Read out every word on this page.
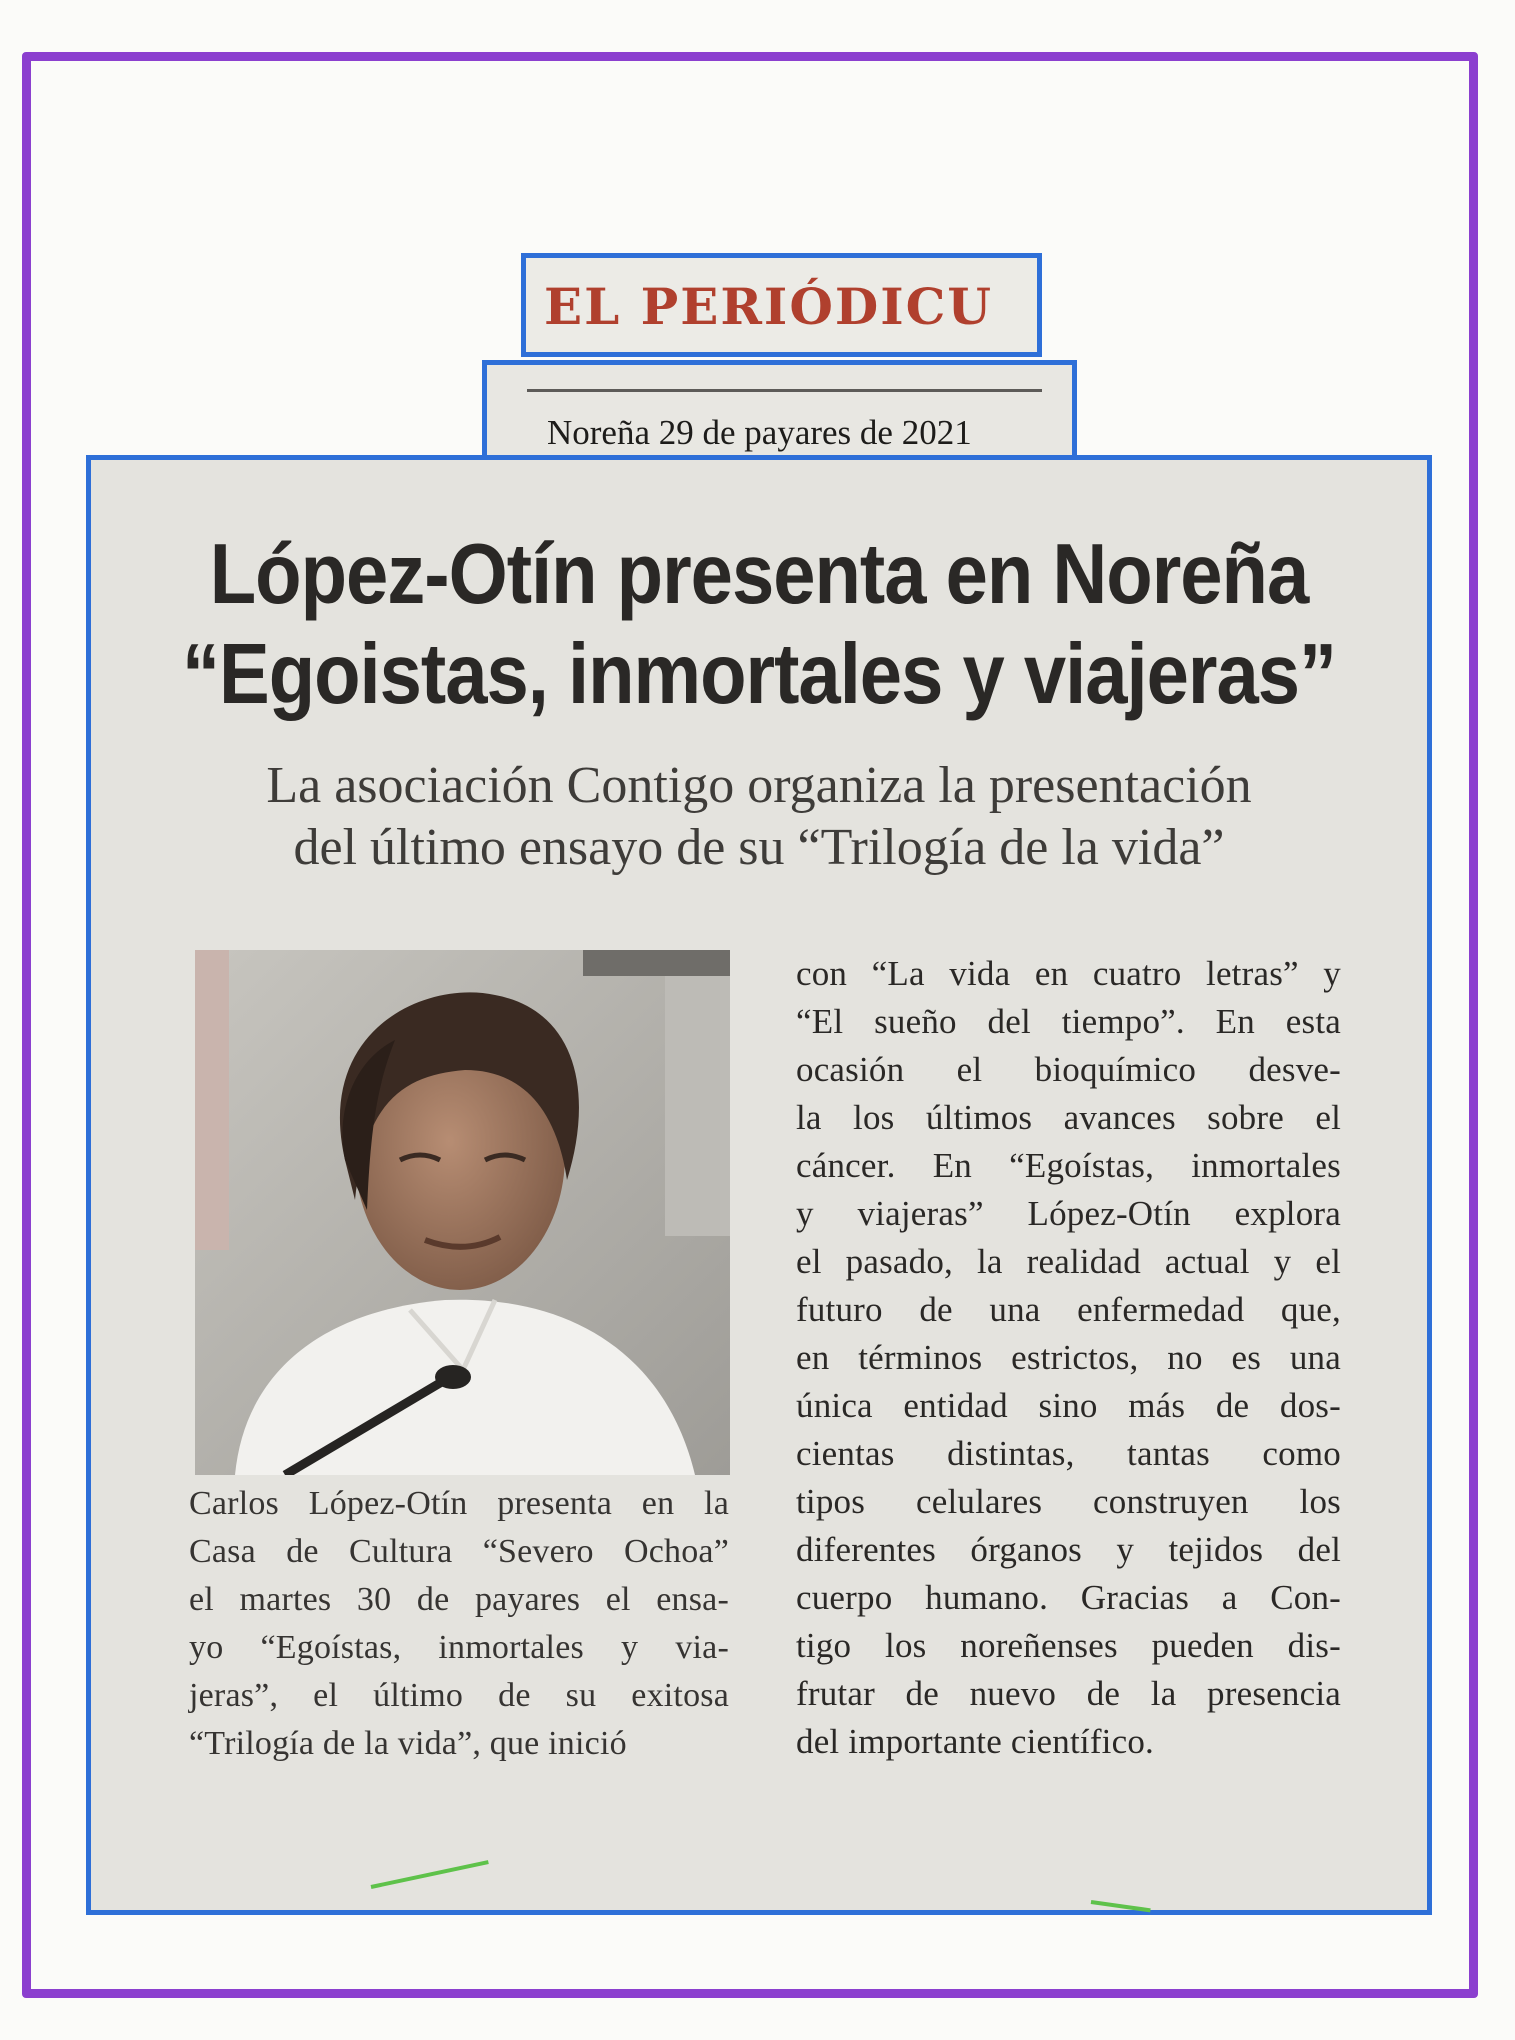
EL PERIÓDICU
Noreña 29 de payares de 2021
López-Otín presenta en Noreña
“Egoistas, inmortales y viajeras”
La asociación Contigo organiza la presentación
del último ensayo de su “Trilogía de la vida”
Carlos López-Otín presenta en la
Casa de Cultura “Severo Ochoa”
el martes 30 de payares el ensa-
yo “Egoístas, inmortales y via-
jeras”, el último de su exitosa
“Trilogía de la vida”, que inició
con “La vida en cuatro letras” y
“El sueño del tiempo”. En esta
ocasión el bioquímico desve-
la los últimos avances sobre el
cáncer. En “Egoístas, inmortales
y viajeras” López-Otín explora
el pasado, la realidad actual y el
futuro de una enfermedad que,
en términos estrictos, no es una
única entidad sino más de dos-
cientas distintas, tantas como
tipos celulares construyen los
diferentes órganos y tejidos del
cuerpo humano. Gracias a Con-
tigo los noreñenses pueden dis-
frutar de nuevo de la presencia
del importante científico.
